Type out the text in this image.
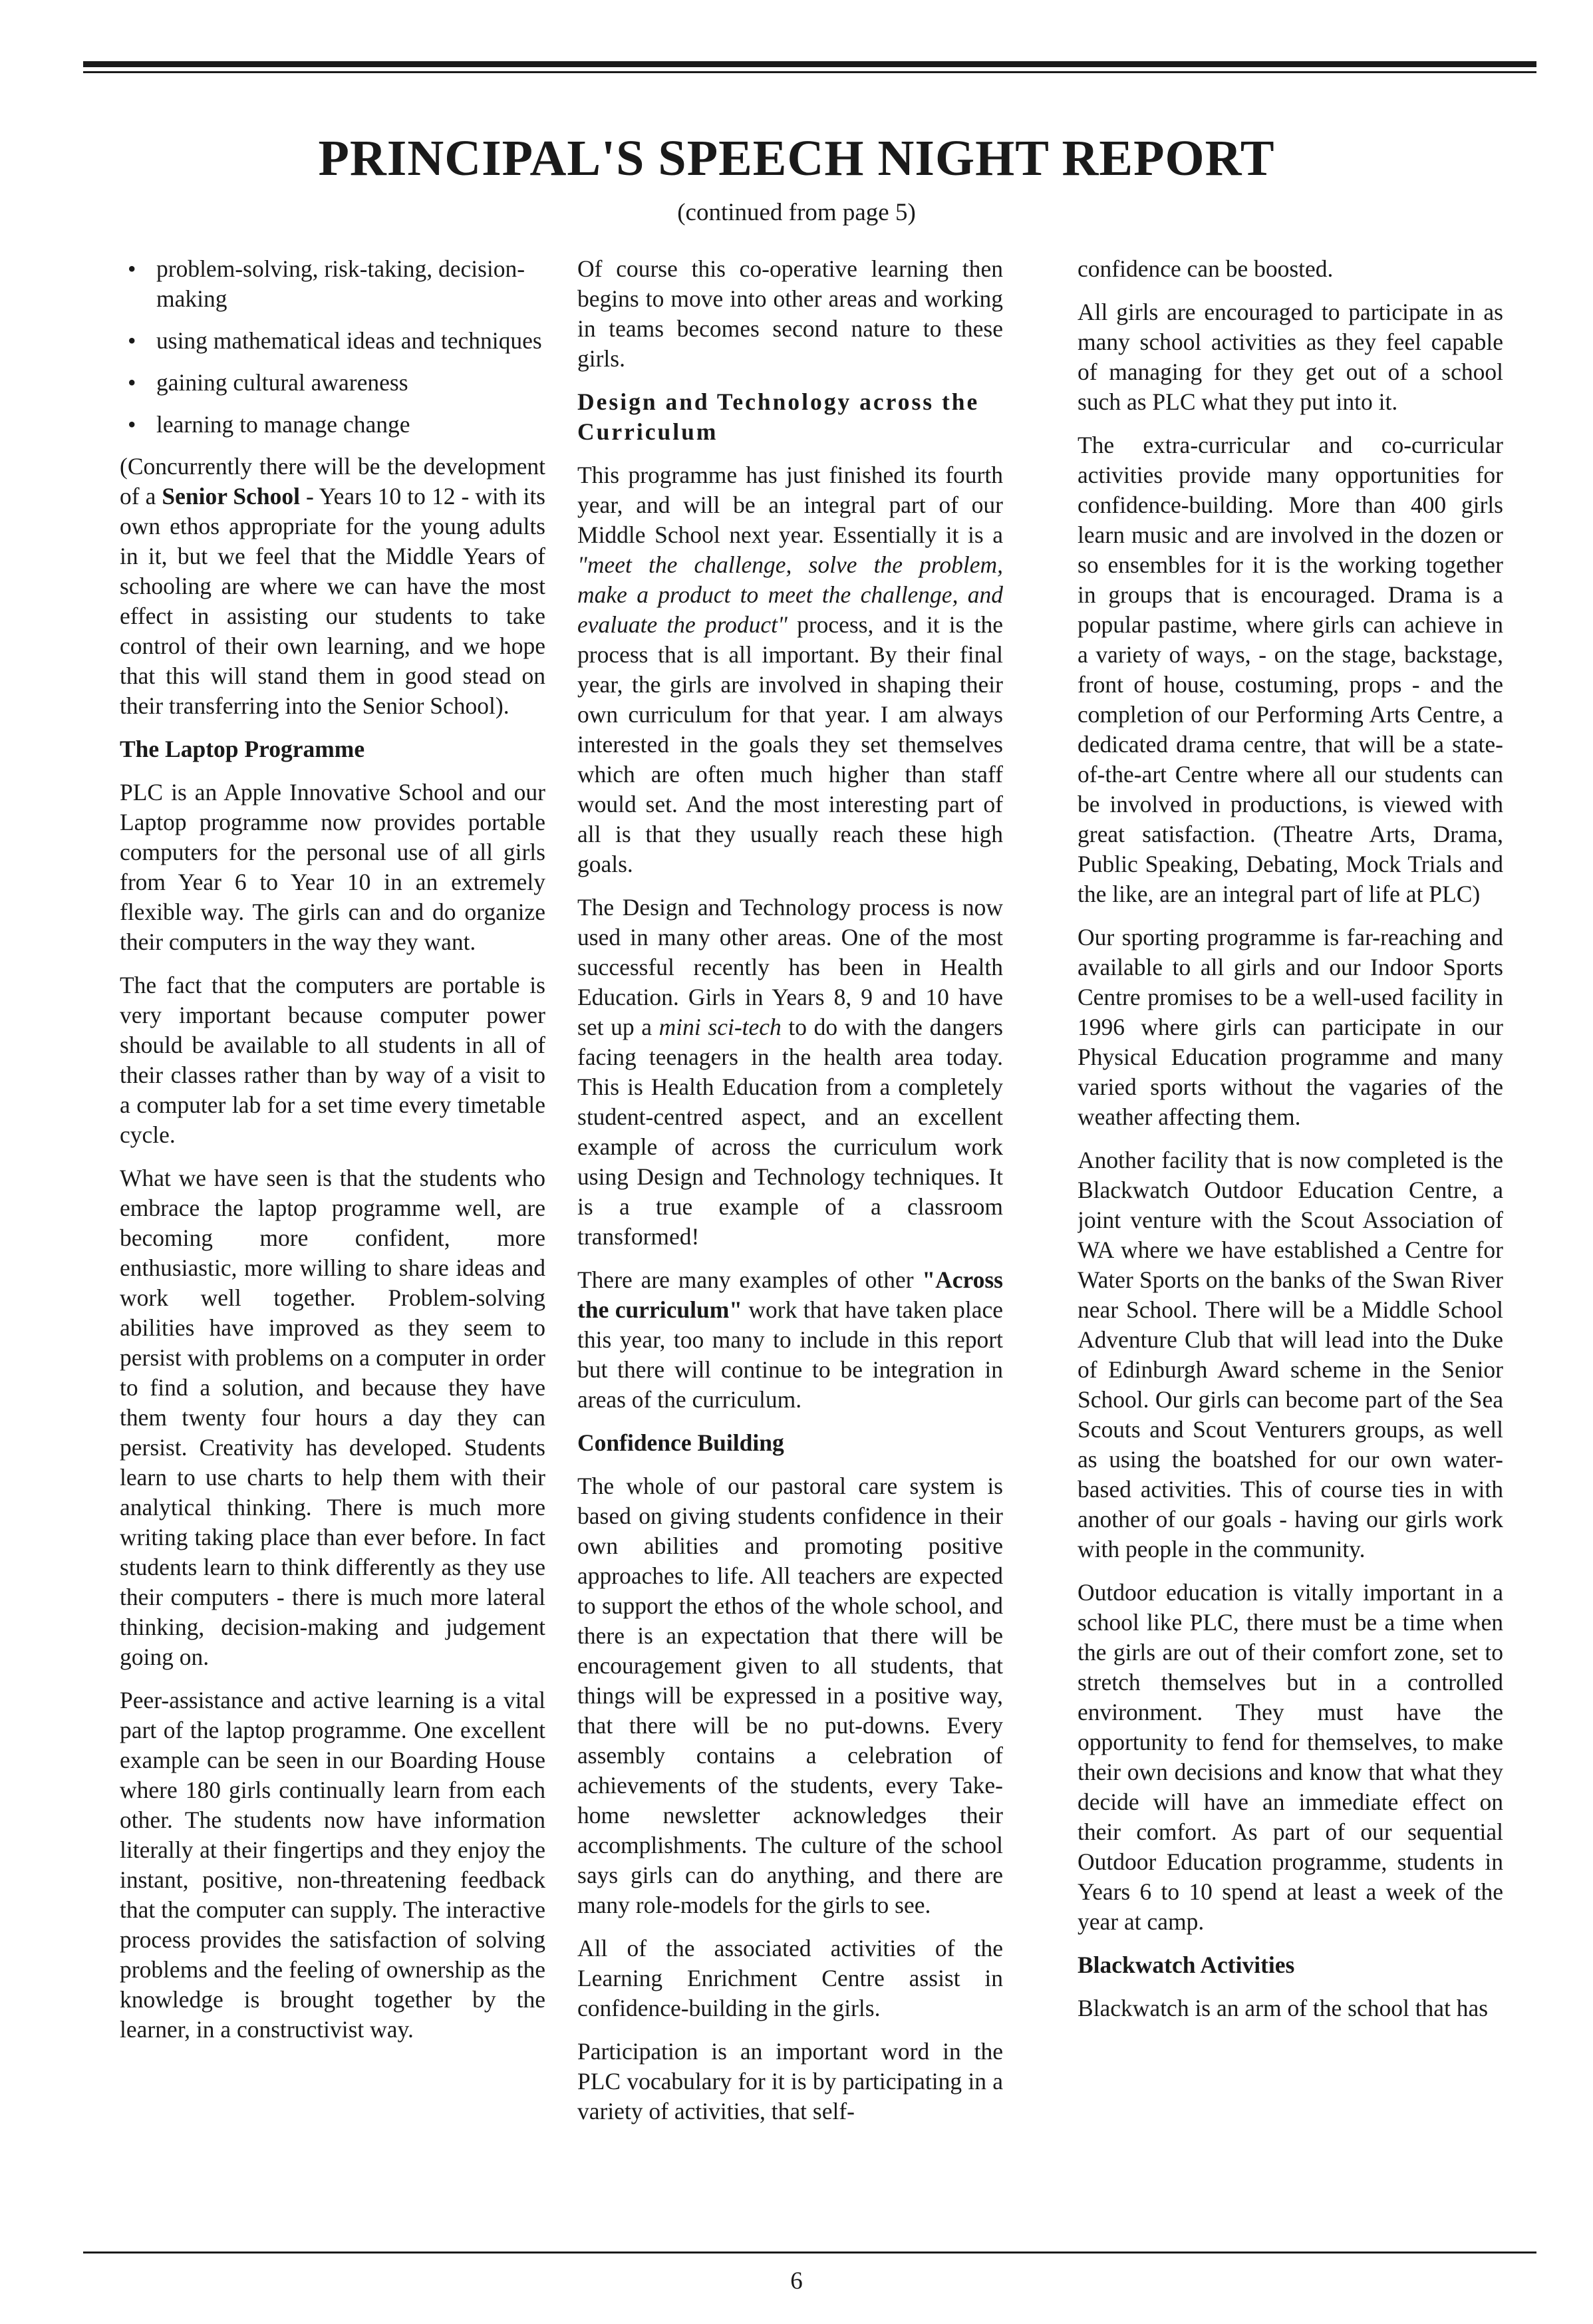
PRINCIPAL'S SPEECH NIGHT REPORT
(continued from page 5)
• problem-solving, risk-taking, decision-making
• using mathematical ideas and techniques
• gaining cultural awareness
• learning to manage change

(Concurrently there will be the development of a Senior School - Years 10 to 12 - with its own ethos appropriate for the young adults in it, but we feel that the Middle Years of schooling are where we can have the most effect in assisting our students to take control of their own learning, and we hope that this will stand them in good stead on their transferring into the Senior School).

The Laptop Programme

PLC is an Apple Innovative School and our Laptop programme now provides portable computers for the personal use of all girls from Year 6 to Year 10 in an extremely flexible way. The girls can and do organize their computers in the way they want.

The fact that the computers are portable is very important because computer power should be available to all students in all of their classes rather than by way of a visit to a computer lab for a set time every timetable cycle.

What we have seen is that the students who embrace the laptop programme well, are becoming more confident, more enthusiastic, more willing to share ideas and work well together. Problem-solving abilities have improved as they seem to persist with problems on a computer in order to find a solution, and because they have them twenty four hours a day they can persist. Creativity has developed. Students learn to use charts to help them with their analytical thinking. There is much more writing taking place than ever before. In fact students learn to think differently as they use their computers - there is much more lateral thinking, decision-making and judgement going on.

Peer-assistance and active learning is a vital part of the laptop programme. One excellent example can be seen in our Boarding House where 180 girls continually learn from each other. The students now have information literally at their fingertips and they enjoy the instant, positive, non-threatening feedback that the computer can supply. The interactive process provides the satisfaction of solving problems and the feeling of ownership as the knowledge is brought together by the learner, in a constructivist way.

Of course this co-operative learning then begins to move into other areas and working in teams becomes second nature to these girls.

Design and Technology across the Curriculum

This programme has just finished its fourth year, and will be an integral part of our Middle School next year. Essentially it is a "meet the challenge, solve the problem, make a product to meet the challenge, and evaluate the product" process, and it is the process that is all important. By their final year, the girls are involved in shaping their own curriculum for that year. I am always interested in the goals they set themselves which are often much higher than staff would set. And the most interesting part of all is that they usually reach these high goals.

The Design and Technology process is now used in many other areas. One of the most successful recently has been in Health Education. Girls in Years 8, 9 and 10 have set up a mini sci-tech to do with the dangers facing teenagers in the health area today. This is Health Education from a completely student-centred aspect, and an excellent example of across the curriculum work using Design and Technology techniques. It is a true example of a classroom transformed!

There are many examples of other "Across the curriculum" work that have taken place this year, too many to include in this report but there will continue to be integration in areas of the curriculum.

Confidence Building

The whole of our pastoral care system is based on giving students confidence in their own abilities and promoting positive approaches to life. All teachers are expected to support the ethos of the whole school, and there is an expectation that there will be encouragement given to all students, that things will be expressed in a positive way, that there will be no put-downs. Every assembly contains a celebration of achievements of the students, every Take-home newsletter acknowledges their accomplishments. The culture of the school says girls can do anything, and there are many role-models for the girls to see.

All of the associated activities of the Learning Enrichment Centre assist in confidence-building in the girls.

Participation is an important word in the PLC vocabulary for it is by participating in a variety of activities, that self-

confidence can be boosted.

All girls are encouraged to participate in as many school activities as they feel capable of managing for they get out of a school such as PLC what they put into it.

The extra-curricular and co-curricular activities provide many opportunities for confidence-building. More than 400 girls learn music and are involved in the dozen or so ensembles for it is the working together in groups that is encouraged. Drama is a popular pastime, where girls can achieve in a variety of ways, - on the stage, backstage, front of house, costuming, props - and the completion of our Performing Arts Centre, a dedicated drama centre, that will be a state-of-the-art Centre where all our students can be involved in productions, is viewed with great satisfaction. (Theatre Arts, Drama, Public Speaking, Debating, Mock Trials and the like, are an integral part of life at PLC)

Our sporting programme is far-reaching and available to all girls and our Indoor Sports Centre promises to be a well-used facility in 1996 where girls can participate in our Physical Education programme and many varied sports without the vagaries of the weather affecting them.

Another facility that is now completed is the Blackwatch Outdoor Education Centre, a joint venture with the Scout Association of WA where we have established a Centre for Water Sports on the banks of the Swan River near School. There will be a Middle School Adventure Club that will lead into the Duke of Edinburgh Award scheme in the Senior School. Our girls can become part of the Sea Scouts and Scout Venturers groups, as well as using the boatshed for our own water-based activities. This of course ties in with another of our goals - having our girls work with people in the community.

Outdoor education is vitally important in a school like PLC, there must be a time when the girls are out of their comfort zone, set to stretch themselves but in a controlled environment. They must have the opportunity to fend for themselves, to make their own decisions and know that what they decide will have an immediate effect on their comfort. As part of our sequential Outdoor Education programme, students in Years 6 to 10 spend at least a week of the year at camp.

Blackwatch Activities

Blackwatch is an arm of the school that has

6
